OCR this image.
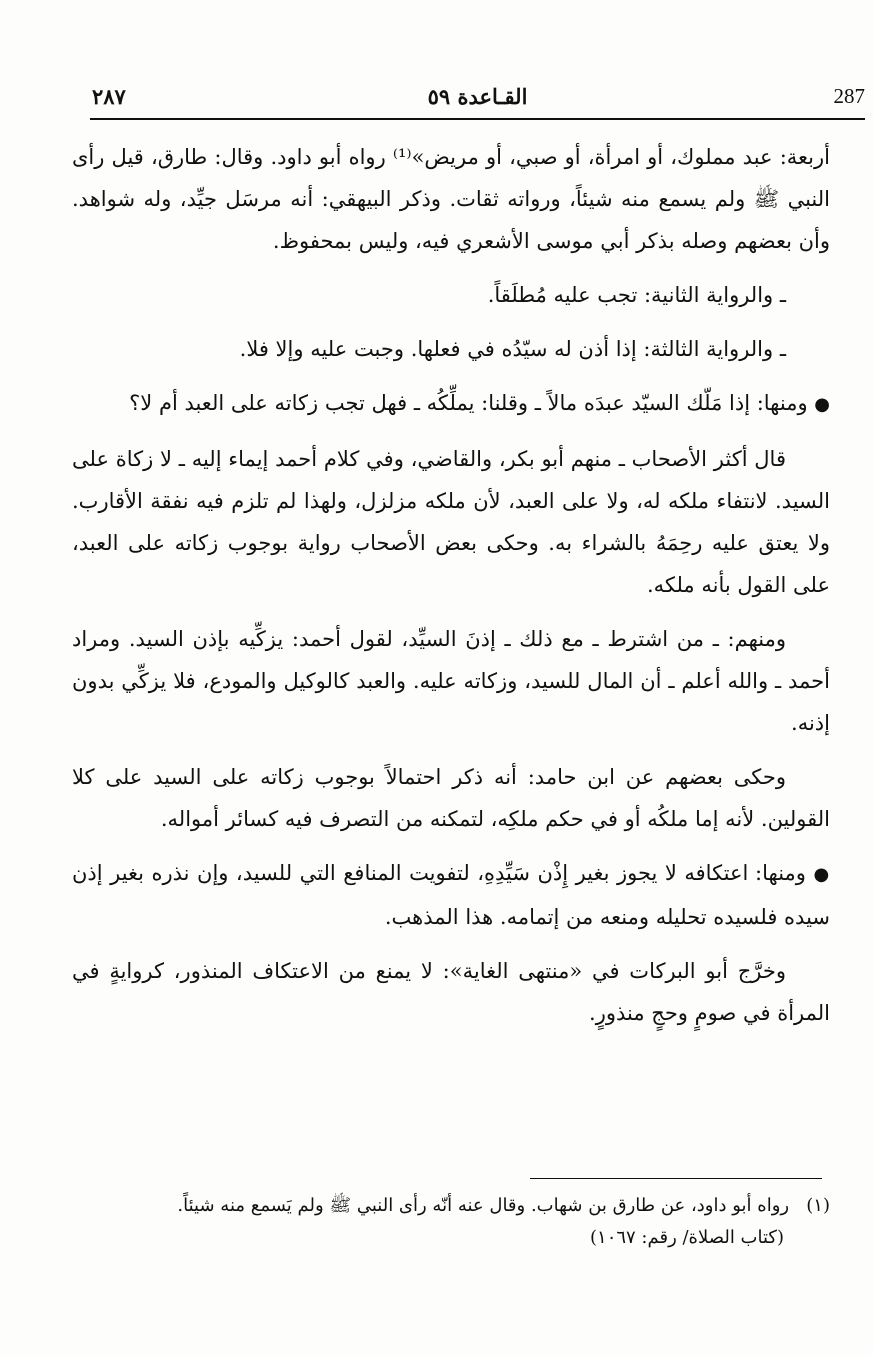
287
القـاعدة ٥٩
٢٨٧

أربعة: عبد مملوك، أو امرأة، أو صبي، أو مريض»⁽¹⁾ رواه أبو داود. وقال: طارق، قيل رأى النبي ﷺ ولم يسمع منه شيئاً، ورواته ثقات. وذكر البيهقي: أنه مرسَل جيِّد، وله شواهد. وأن بعضهم وصله بذكر أبي موسى الأشعري فيه، وليس بمحفوظ.

ـ والرواية الثانية: تجب عليه مُطلَقاً.

ـ والرواية الثالثة: إذا أذن له سيّدُه في فعلها. وجبت عليه وإلا فلا.

● ومنها: إذا مَلّك السيّد عبدَه مالاً ـ وقلنا: يملِّكُه ـ فهل تجب زكاته على العبد أم لا؟

قال أكثر الأصحاب ـ منهم أبو بكر، والقاضي، وفي كلام أحمد إيماء إليه ـ لا زكاة على السيد. لانتفاء ملكه له، ولا على العبد، لأن ملكه مزلزل، ولهذا لم تلزم فيه نفقة الأقارب. ولا يعتق عليه رحِمَهُ بالشراء به. وحكى بعض الأصحاب رواية بوجوب زكاته على العبد، على القول بأنه ملكه.

ومنهم: ـ من اشترط ـ مع ذلك ـ إذنَ السيِّد، لقول أحمد: يزكِّيه بإذن السيد. ومراد أحمد ـ والله أعلم ـ أن المال للسيد، وزكاته عليه. والعبد كالوكيل والمودع، فلا يزكِّي بدون إذنه.

وحكى بعضهم عن ابن حامد: أنه ذكر احتمالاً بوجوب زكاته على السيد على كلا القولين. لأنه إما ملكُه أو في حكم ملكِه، لتمكنه من التصرف فيه كسائر أمواله.

● ومنها: اعتكافه لا يجوز بغير إِذْن سَيِّدِهِ، لتفويت المنافع التي للسيد، وإن نذره بغير إذن سيده فلسيده تحليله ومنعه من إتمامه. هذا المذهب.

وخرَّج أبو البركات في «منتهى الغاية»: لا يمنع من الاعتكاف المنذور، كروايةٍ في المرأة في صومٍ وحجٍ منذورٍ.

(١)   رواه أبو داود، عن طارق بن شهاب. وقال عنه أنّه رأى النبي ﷺ ولم يَسمع منه شيئاً.

(كتاب الصلاة/ رقم: ١٠٦٧)
